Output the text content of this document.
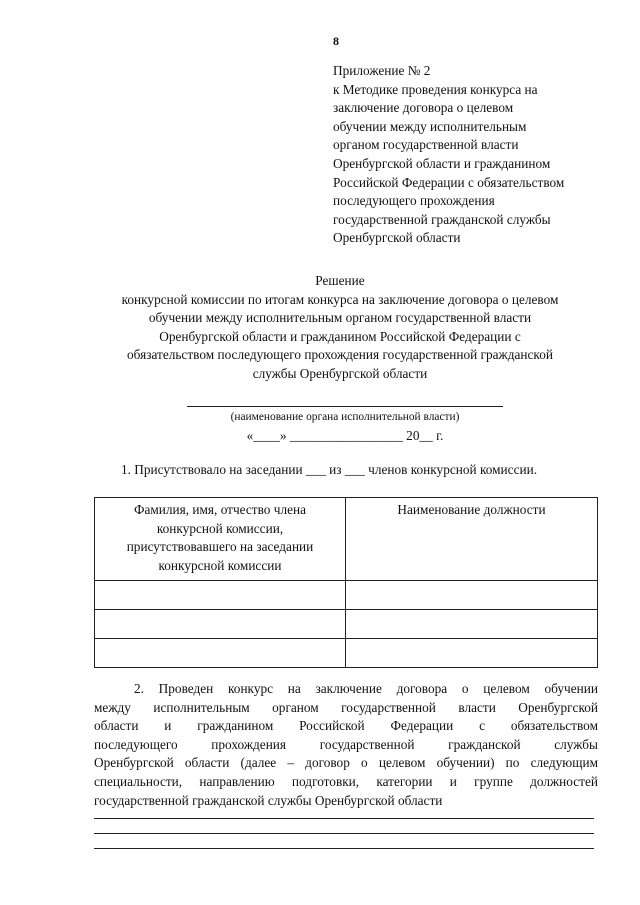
8
Приложение № 2
к Методике проведения конкурса на
заключение договора о целевом
обучении между исполнительным
органом государственной власти
Оренбургской области и гражданином
Российской Федерации с обязательством
последующего прохождения
государственной гражданской службы
Оренбургской области
Решение
конкурсной комиссии по итогам конкурса на заключение договора о целевом
обучении между исполнительным органом государственной власти
Оренбургской области и гражданином Российской Федерации с
обязательством последующего прохождения государственной гражданской
службы Оренбургской области
(наименование органа исполнительной власти)
«____» _________________ 20__ г.
1. Присутствовало на заседании ___ из ___ членов конкурсной комиссии.
Фамилия, имя, отчество члена
конкурсной комиссии,
присутствовавшего на заседании
конкурсной комиссии	Наименование должности

2. Проведен конкурс на заключение договора о целевом обучении
между исполнительным органом государственной власти Оренбургской
области и гражданином Российской Федерации с обязательством
последующего прохождения государственной гражданской службы
Оренбургской области (далее – договор о целевом обучении) по следующим
специальности, направлению подготовки, категории и группе должностей
государственной гражданской службы Оренбургской области
